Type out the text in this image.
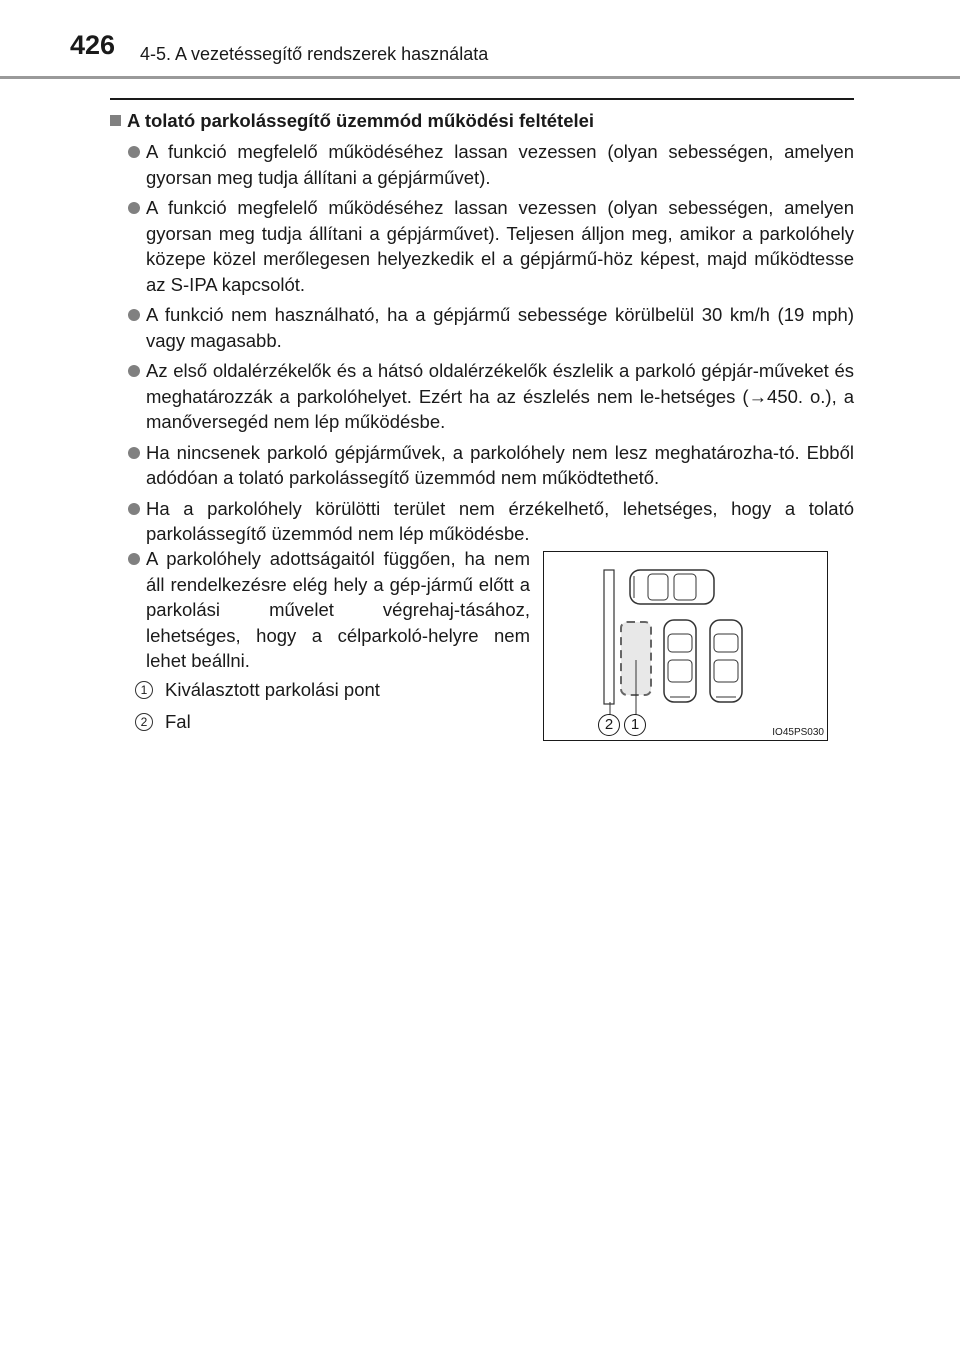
426 4-5. A vezetéssegítő rendszerek használata
A tolató parkolássegítő üzemmód működési feltételei
A funkció megfelelő működéséhez lassan vezessen (olyan sebességen, amelyen gyorsan meg tudja állítani a gépjárművet).
A funkció megfelelő működéséhez lassan vezessen (olyan sebességen, amelyen gyorsan meg tudja állítani a gépjárművet). Teljesen álljon meg, amikor a parkolóhely közepe közel merőlegesen helyezkedik el a gépjármű-höz képest, majd működtesse az S-IPA kapcsolót.
A funkció nem használható, ha a gépjármű sebessége körülbelül 30 km/h (19 mph) vagy magasabb.
Az első oldalérzékelők és a hátsó oldalérzékelők észlelik a parkoló gépjár-műveket és meghatározzák a parkolóhelyet. Ezért ha az észlelés nem le-hetséges (→450. o.), a manőversegéd nem lép működésbe.
Ha nincsenek parkoló gépjárművek, a parkolóhely nem lesz meghatározha-tó. Ebből adódóan a tolató parkolássegítő üzemmód nem működtethető.
Ha a parkolóhely körülötti terület nem érzékelhető, lehetséges, hogy a tolató parkolássegítő üzemmód nem lép működésbe.
A parkolóhely adottságaitól függően, ha nem áll rendelkezésre elég hely a gép-jármű előtt a parkolási művelet végrehaj-tásához, lehetséges, hogy a célparkoló-helyre nem lehet beállni.
1 Kiválasztott parkolási pont
2 Fal	2	1	IO45PS030
